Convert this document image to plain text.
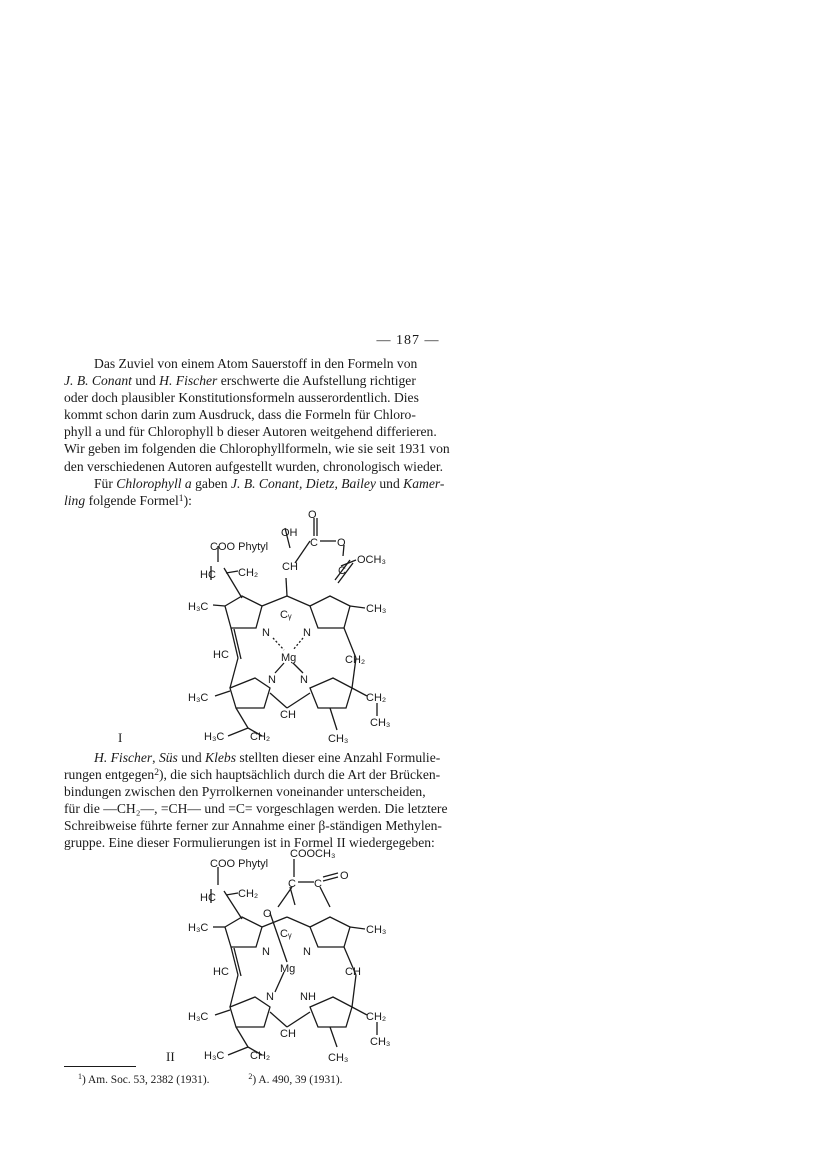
— 187 —

Das Zuviel von einem Atom Sauerstoff in den Formeln von

J. B. Conant und H. Fischer erschwerte die Aufstellung richtiger

oder doch plausibler Konstitutionsformeln ausserordentlich. Dies

kommt schon darin zum Ausdruck, dass die Formeln für Chloro-

phyll a und für Chlorophyll b dieser Autoren weitgehend differieren.

Wir geben im folgenden die Chlorophyllformeln, wie sie seit 1931 von

den verschiedenen Autoren aufgestellt wurden, chronologisch wieder.

Für Chlorophyll a gaben J. B. Conant, Dietz, Bailey und Kamer-

ling folgende Formel$^1$):

O
COO Phytyl
OH
C O
CH	C
OCH₃
HC CH₂
H₃C
Cᵧ	CH₃
N	N
HC	Mg	CH₂
N N
H₃C	CH₂
CH
CH₃
H₃C CH₂	CH₃
I

H. Fischer, Süs und Klebs stellten dieser eine Anzahl Formulie-

rungen entgegen$^2$), die sich hauptsächlich durch die Art der Brücken-

bindungen zwischen den Pyrrolkernen voneinander unterscheiden,

für die —CH₂—, =CH— und =C= vorgeschlagen werden. Die letztere

Schreibweise führte ferner zur Annahme einer β-ständigen Methylen-

gruppe. Eine dieser Formulierungen ist in Formel II wiedergegeben:

COOCH₃
COO Phytyl
C C
O
HC CH₂
O
H₃C	Cᵧ	CH₃
N	N
HC	Mg	CH
N NH
H₃C	CH₂
CH
CH₃
H₃C CH₂	CH₃
II
$^1$) Am. Soc. 53, 2382 (1931).	$^2$) A. 490, 39 (1931).
